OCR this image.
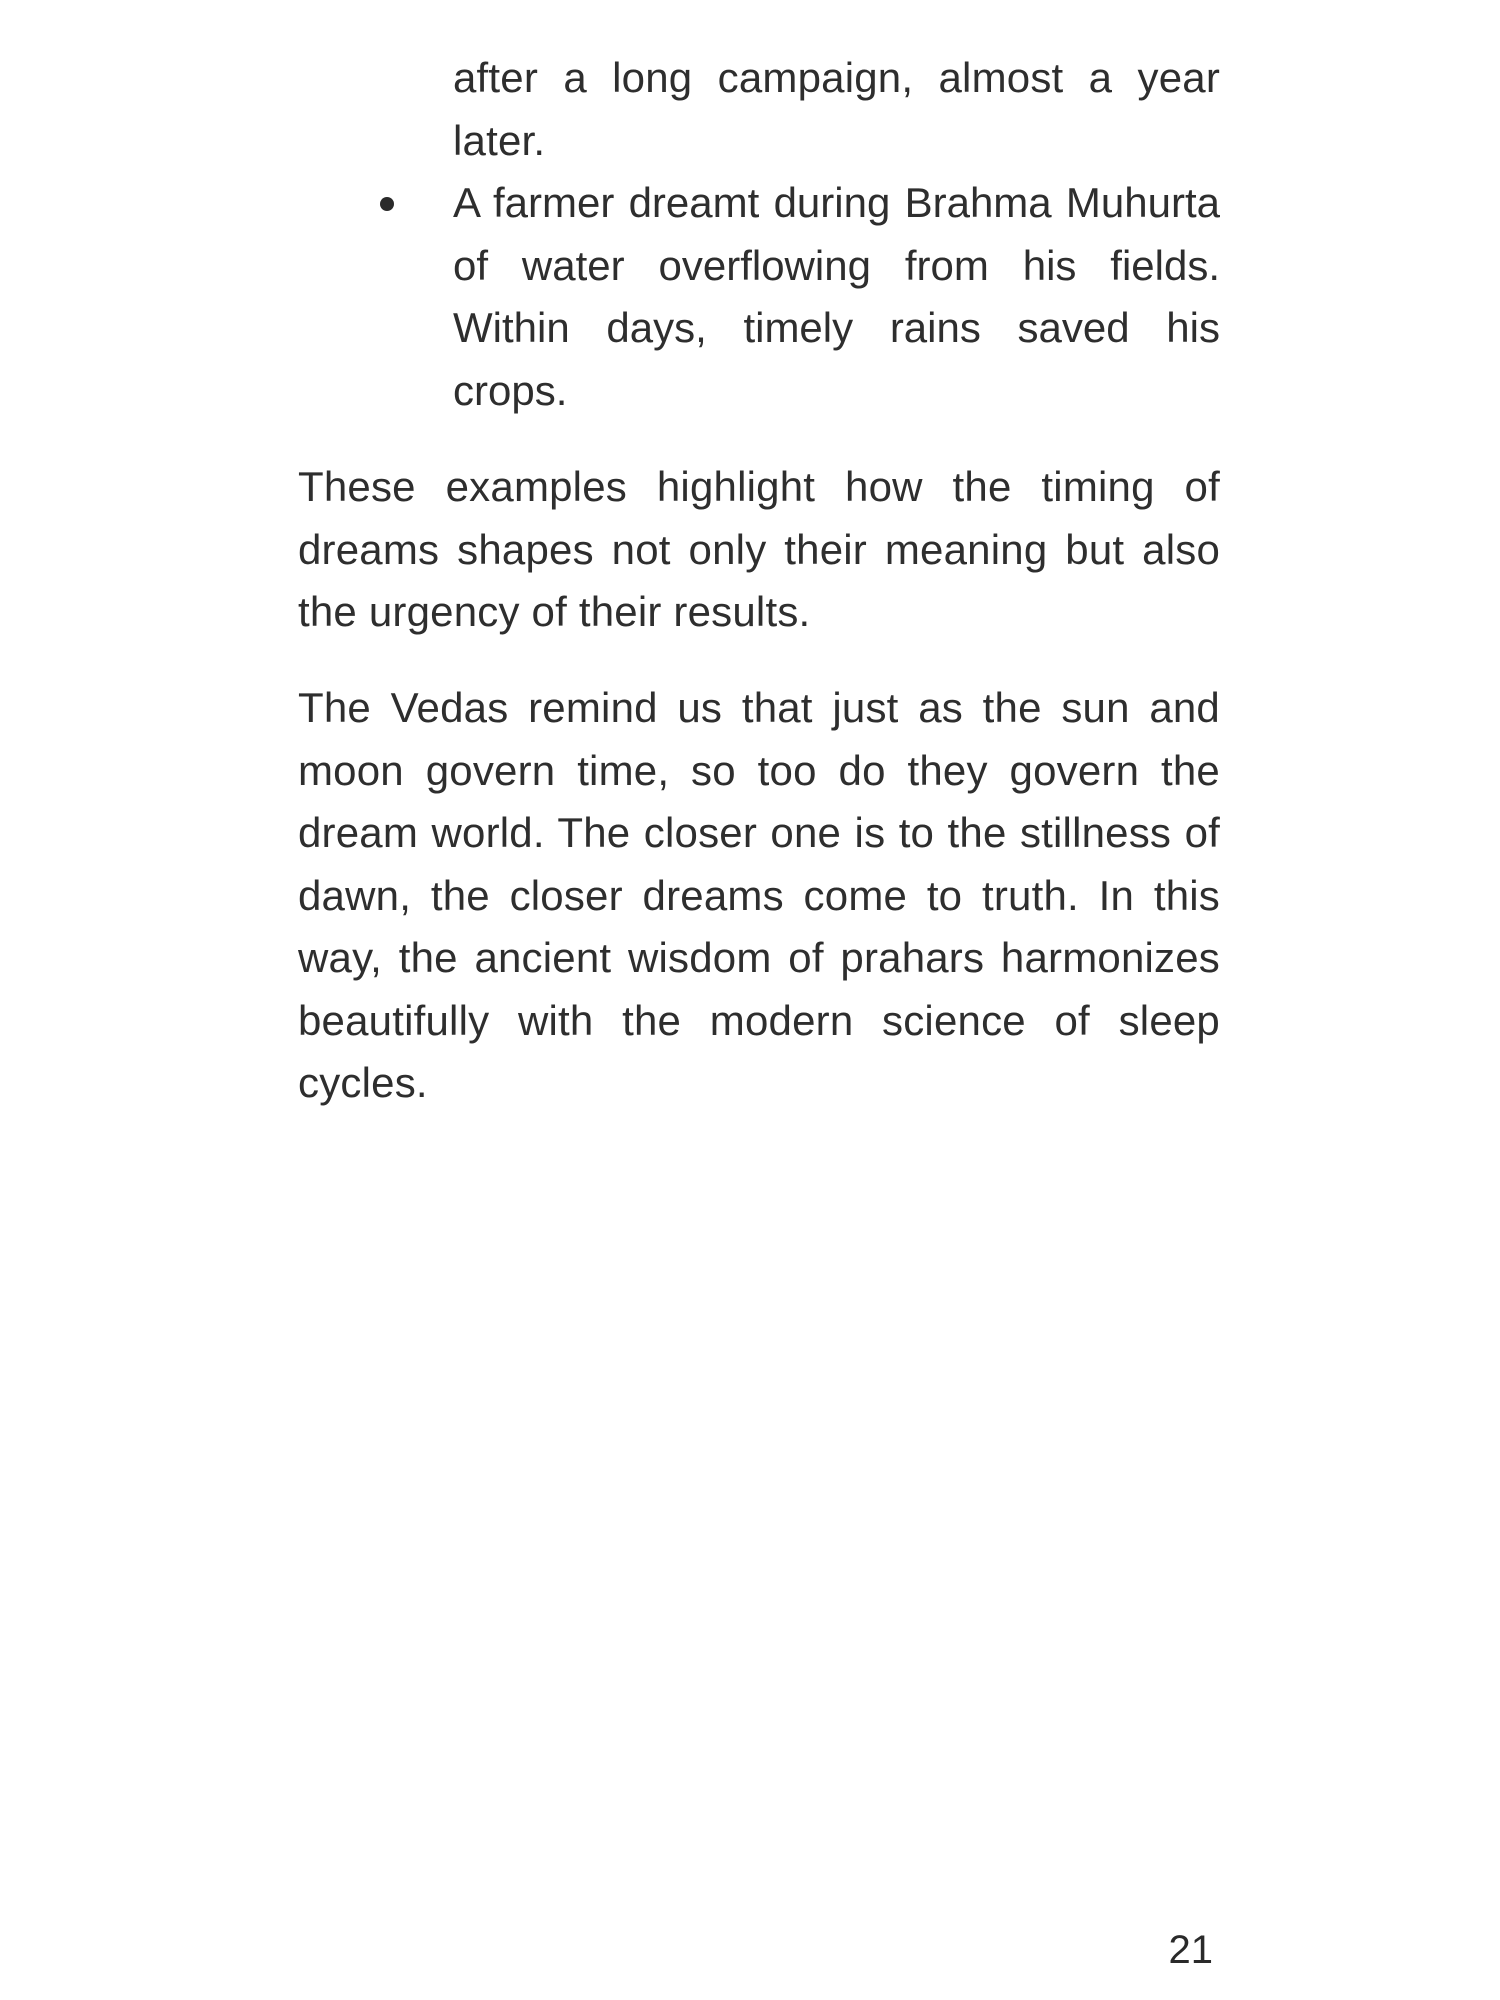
after a long campaign, almost a year later.

A farmer dreamt during Brahma Muhurta of water overflowing from his fields. Within days, timely rains saved his crops.

These examples highlight how the timing of dreams shapes not only their meaning but also the urgency of their results.

The Vedas remind us that just as the sun and moon govern time, so too do they govern the dream world. The closer one is to the stillness of dawn, the closer dreams come to truth. In this way, the ancient wisdom of prahars harmonizes beautifully with the modern science of sleep cycles.

21
